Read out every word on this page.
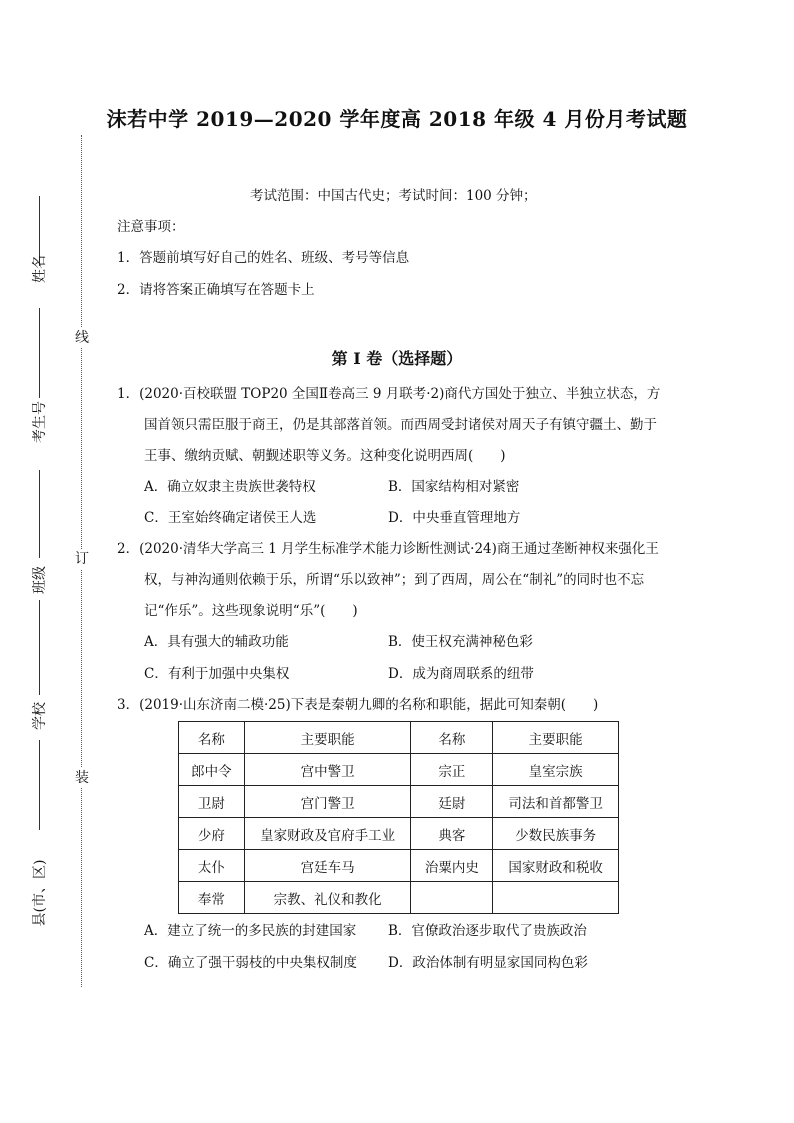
姓名
考生号
班级
学校
县(市、区)
线
订
装
沫若中学 2019—2020 学年度高 2018 年级 4 月份月考试题
考试范围：中国古代史；考试时间：100 分钟；
注意事项：
1．答题前填写好自己的姓名、班级、考号等信息
2．请将答案正确填写在答题卡上
第 I 卷（选择题）
1．(2020·百校联盟 TOP20 全国Ⅱ卷高三 9 月联考·2)商代方国处于独立、半独立状态，方
国首领只需臣服于商王，仍是其部落首领。而西周受封诸侯对周天子有镇守疆土、勤于
王事、缴纳贡赋、朝觐述职等义务。这种变化说明西周(　　)
A．确立奴隶主贵族世袭特权	B．国家结构相对紧密
C．王室始终确定诸侯王人选	D．中央垂直管理地方
2．(2020·清华大学高三 1 月学生标准学术能力诊断性测试·24)商王通过垄断神权来强化王
权，与神沟通则依赖于乐，所谓“乐以致神”；到了西周，周公在“制礼”的同时也不忘
记“作乐”。这些现象说明“乐”(　　)
A．具有强大的辅政功能	B．使王权充满神秘色彩
C．有利于加强中央集权	D．成为商周联系的纽带
3．(2019·山东济南二模·25)下表是秦朝九卿的名称和职能，据此可知秦朝(　　)
名称	主要职能	名称	主要职能
郎中令	宫中警卫	宗正	皇室宗族
卫尉	宫门警卫	廷尉	司法和首都警卫
少府	皇家财政及官府手工业	典客	少数民族事务
太仆	宫廷车马	治粟内史	国家财政和税收
奉常	宗教、礼仪和教化		
A．建立了统一的多民族的封建国家 B．官僚政治逐步取代了贵族政治
C．确立了强干弱枝的中央集权制度 D．政治体制有明显家国同构色彩
